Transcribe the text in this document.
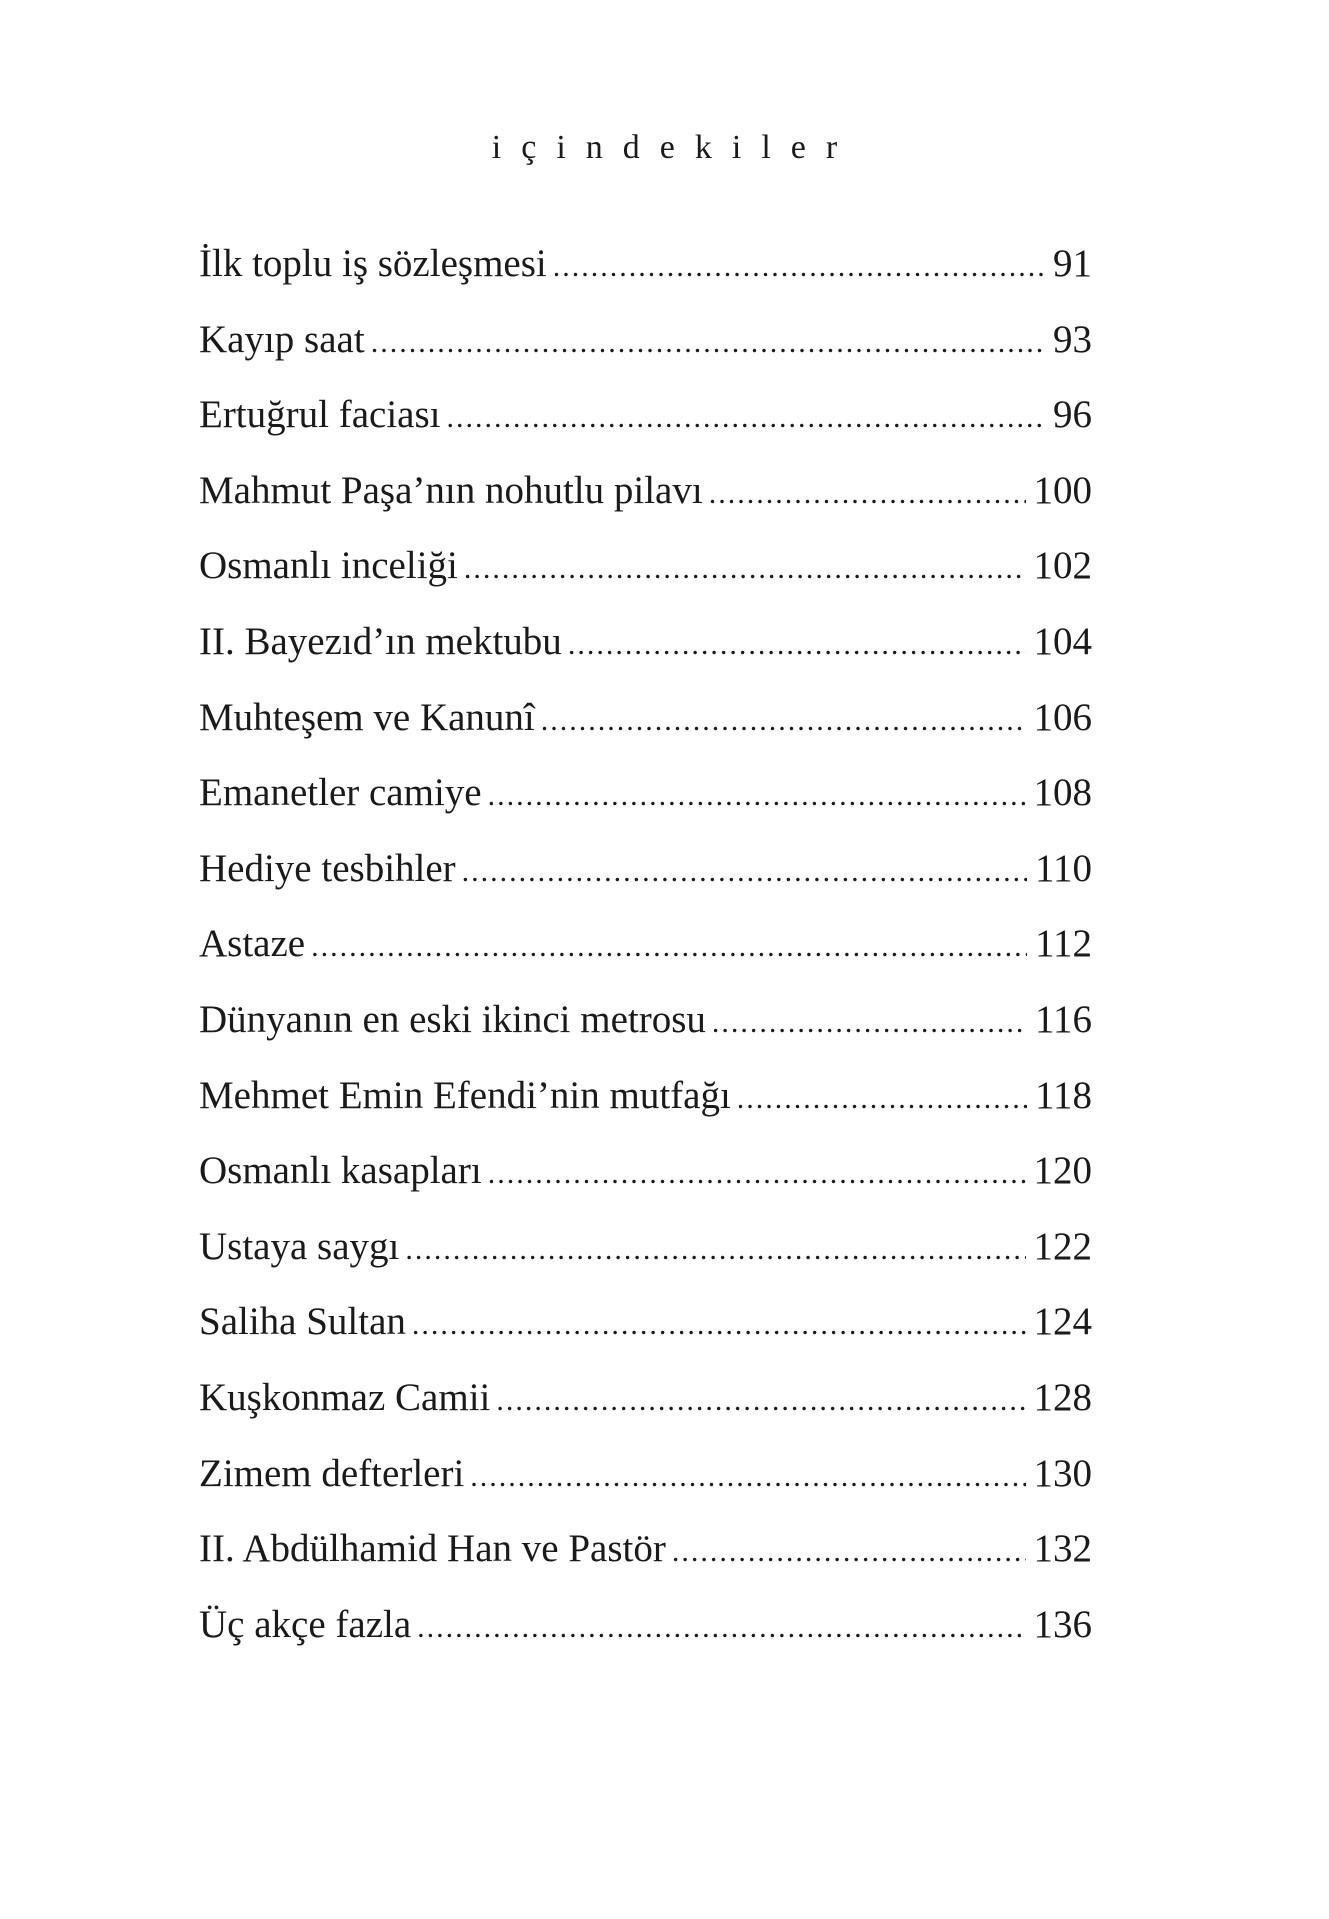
içindekiler
İlk toplu iş sözleşmesi .....	91
Kayıp saat .....	93
Ertuğrul faciası .....	96
Mahmut Paşa’nın nohutlu pilavı .....	100
Osmanlı inceliği .....	102
II. Bayezıd’ın mektubu .....	104
Muhteşem ve Kanunî .....	106
Emanetler camiye .....	108
Hediye tesbihler .....	110
Astaze .....	112
Dünyanın en eski ikinci metrosu .....	116
Mehmet Emin Efendi’nin mutfağı .....	118
Osmanlı kasapları .....	120
Ustaya saygı .....	122
Saliha Sultan .....	124
Kuşkonmaz Camii .....	128
Zimem defterleri .....	130
II. Abdülhamid Han ve Pastör .....	132
Üç akçe fazla .....	136
